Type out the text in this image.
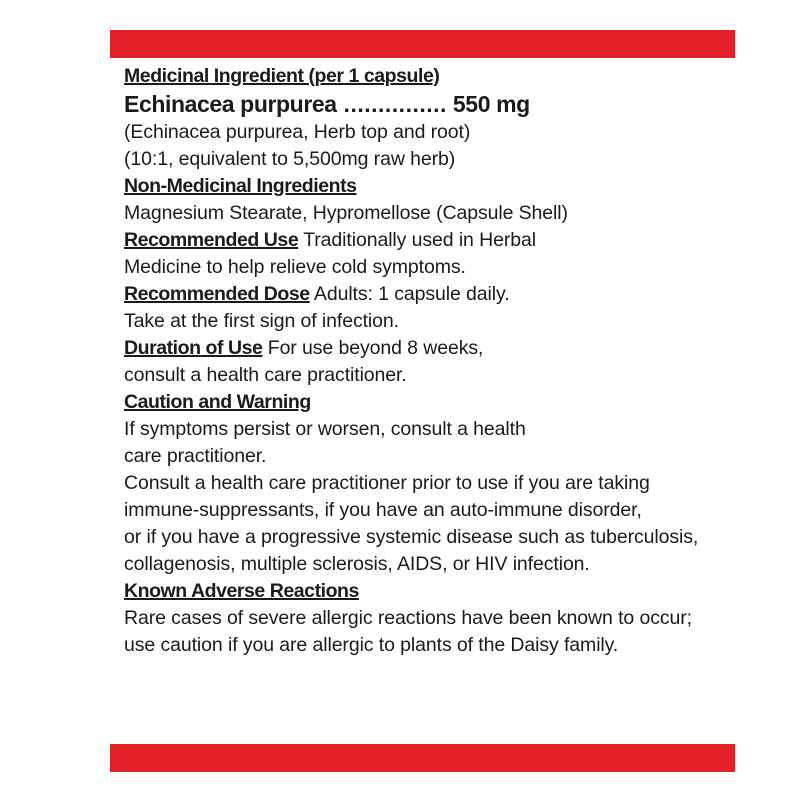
Medicinal Ingredient (per 1 capsule)
Echinacea purpurea ............... 550 mg
(Echinacea purpurea, Herb top and root)
(10:1, equivalent to 5,500mg raw herb)
Non-Medicinal Ingredients
Magnesium Stearate, Hypromellose (Capsule Shell)
Recommended Use Traditionally used in Herbal
Medicine to help relieve cold symptoms.
Recommended Dose Adults: 1 capsule daily.
Take at the first sign of infection.
Duration of Use For use beyond 8 weeks,
consult a health care practitioner.
Caution and Warning
If symptoms persist or worsen, consult a health
care practitioner.
Consult a health care practitioner prior to use if you are taking
immune-suppressants, if you have an auto-immune disorder,
or if you have a progressive systemic disease such as tuberculosis,
collagenosis, multiple sclerosis, AIDS, or HIV infection.
Known Adverse Reactions
Rare cases of severe allergic reactions have been known to occur;
use caution if you are allergic to plants of the Daisy family.
